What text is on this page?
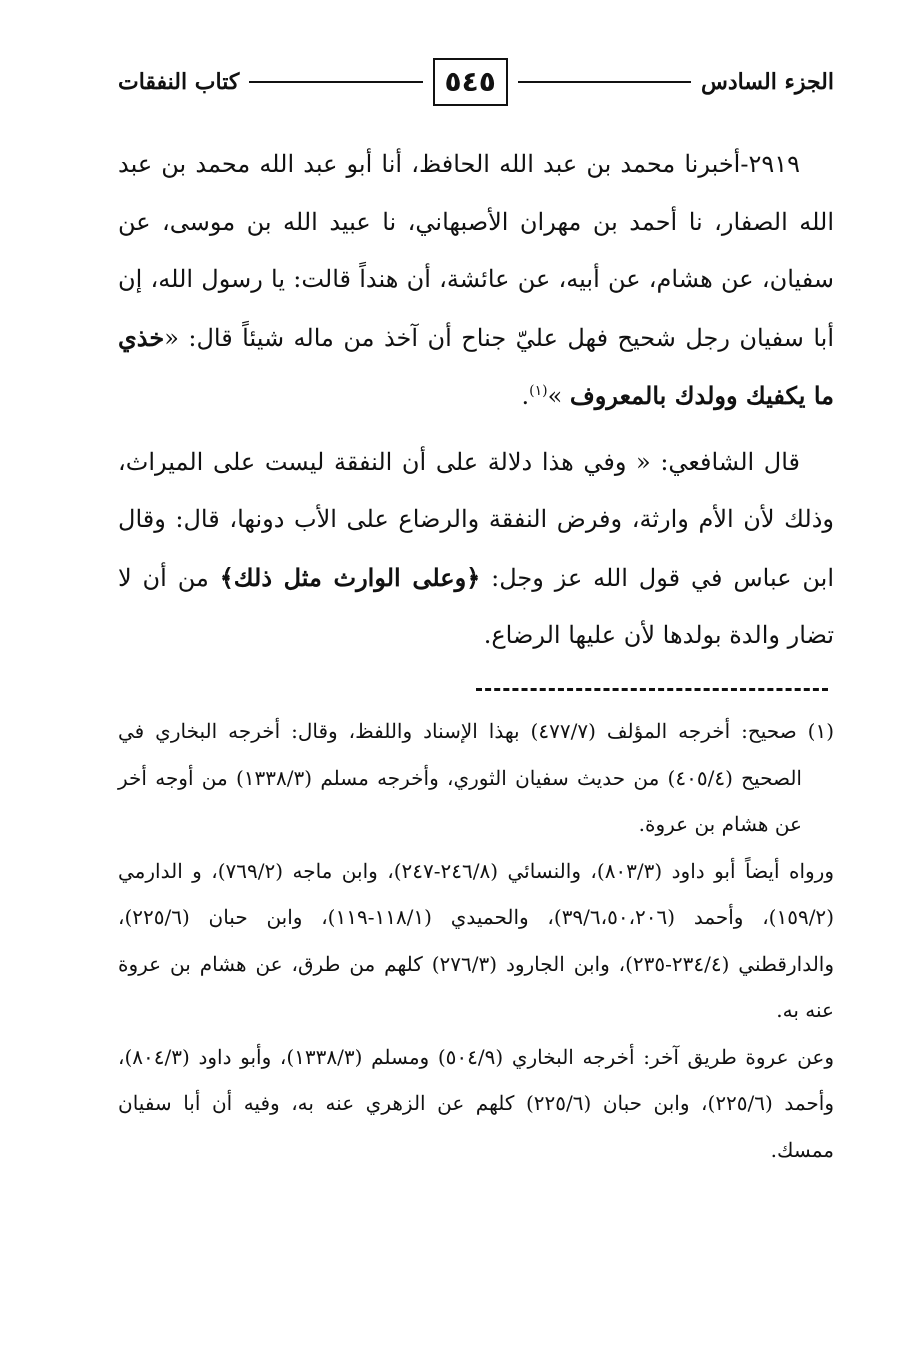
الجزء السادس
٥٤٥
كتاب النفقات

٢٩١٩-أخبرنا محمد بن عبد الله الحافظ، أنا أبو عبد الله محمد بن عبد الله الصفار، نا أحمد بن مهران الأصبهاني، نا عبيد الله بن موسى، عن سفيان، عن هشام، عن أبيه، عن عائشة، أن هنداً قالت: يا رسول الله، إن أبا سفيان رجل شحيح فهل عليّ جناح أن آخذ من ماله شيئاً قال: «خذي ما يكفيك وولدك بالمعروف »$^{(١)}$.

قال الشافعي: « وفي هذا دلالة على أن النفقة ليست على الميراث، وذلك لأن الأم وارثة، وفرض النفقة والرضاع على الأب دونها، قال: وقال ابن عباس في قول الله عز وجل: ﴿وعلى الوارث مثل ذلك﴾ من أن لا تضار والدة بولدها لأن عليها الرضاع.

(١) صحيح: أخرجه المؤلف (٤٧٧/٧) بهذا الإسناد واللفظ، وقال: أخرجه البخاري في الصحيح (٤٠٥/٤) من حديث سفيان الثوري، وأخرجه مسلم (١٣٣٨/٣) من أوجه أخر عن هشام بن عروة.

ورواه أيضاً أبو داود (٨٠٣/٣)، والنسائي (٢٤٦/٨-٢٤٧)، وابن ماجه (٧٦٩/٢)، و الدارمي (١٥٩/٢)، وأحمد (٣٩/٦،٥٠،٢٠٦)، والحميدي (١١٨/١-١١٩)، وابن حبان (٢٢٥/٦)، والدارقطني (٢٣٤/٤-٢٣٥)، وابن الجارود (٢٧٦/٣) كلهم من طرق، عن هشام بن عروة عنه به.

وعن عروة طريق آخر: أخرجه البخاري (٥٠٤/٩) ومسلم (١٣٣٨/٣)، وأبو داود (٨٠٤/٣)، وأحمد (٢٢٥/٦)، وابن حبان (٢٢٥/٦) كلهم عن الزهري عنه به، وفيه أن أبا سفيان ممسك.
